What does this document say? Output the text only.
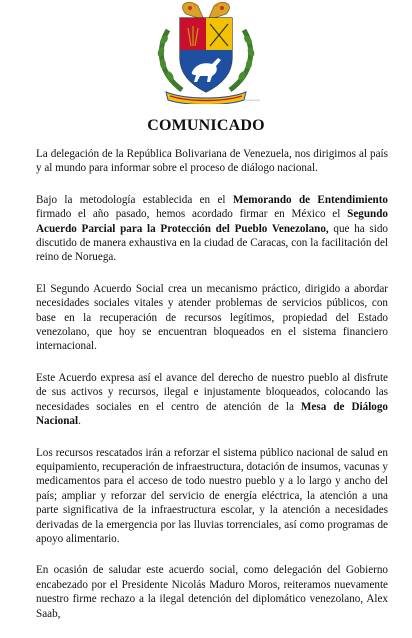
Venezuela
COMUNICADO

La delegación de la República Bolivariana de Venezuela, nos dirigimos al país y al mundo para informar sobre el proceso de diálogo nacional.

Bajo la metodología establecida en el Memorando de Entendimiento firmado el año pasado, hemos acordado firmar en México el Segundo Acuerdo Parcial para la Protección del Pueblo Venezolano, que ha sido discutido de manera exhaustiva en la ciudad de Caracas, con la facilitación del reino de Noruega.

El Segundo Acuerdo Social crea un mecanismo práctico, dirigido a abordar necesidades sociales vitales y atender problemas de servicios públicos, con base en la recuperación de recursos legítimos, propiedad del Estado venezolano, que hoy se encuentran bloqueados en el sistema financiero internacional.

Este Acuerdo expresa así el avance del derecho de nuestro pueblo al disfrute de sus activos y recursos, ilegal e injustamente bloqueados, colocando las necesidades sociales en el centro de atención de la Mesa de Diálogo Nacional.

Los recursos rescatados irán a reforzar el sistema público nacional de salud en equipamiento, recuperación de infraestructura, dotación de insumos, vacunas y medicamentos para el acceso de todo nuestro pueblo y a lo largo y ancho del país; ampliar y reforzar del servicio de energía eléctrica, la atención a una parte significativa de la infraestructura escolar, y la atención a necesidades derivadas de la emergencia por las lluvias torrenciales, así como programas de apoyo alimentario.

En ocasión de saludar este acuerdo social, como delegación del Gobierno encabezado por el Presidente Nicolás Maduro Moros, reiteramos nuevamente nuestro firme rechazo a la ilegal detención del diplomático venezolano, Alex Saab,
